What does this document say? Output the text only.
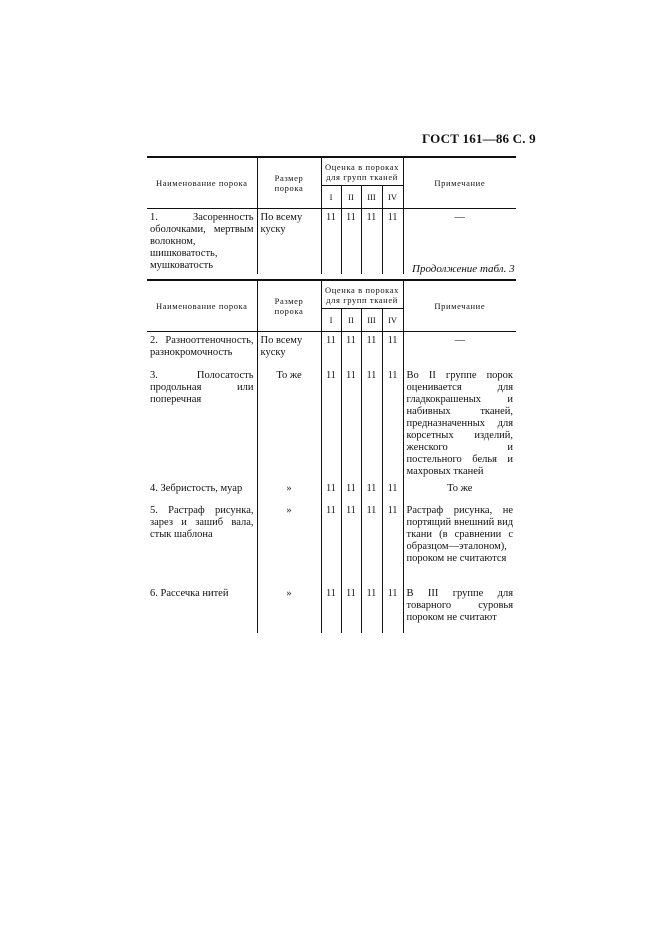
ГОСТ 161—86 С. 9
Наименование порока	Размер порока	Оценка в пороках для групп тканей				Примечание
		I	II	III	IV	
1. Засоренность оболочками, мертвым волокном, шишковатость, мушковатость	По всему куску	11	11	11	11	—
Продолжение табл. 3
Наименование порока	Размер порока	Оценка в пороках для групп тканей				Примечание
		I	II	III	IV	
2. Разнооттеночность, разнокромочность	По всему куску	11	11	11	11	—
3. Полосатость продольная или поперечная	То же	11	11	11	11	Во II группе порок оценивается для гладкокрашеных и набивных тканей, предназначенных для корсетных изделий, женского и постельного белья и махровых тканей
4. Зебристость, муар	»	11	11	11	11	То же
5. Растраф рисунка, зарез и зашиб вала, стык шаблона	»	11	11	11	11	Растраф рисунка, не портящий внешний вид ткани (в сравнении с образцом—эталоном), пороком не считаются
6. Рассечка нитей	»	11	11	11	11	В III группе для товарного суровья пороком не считают
